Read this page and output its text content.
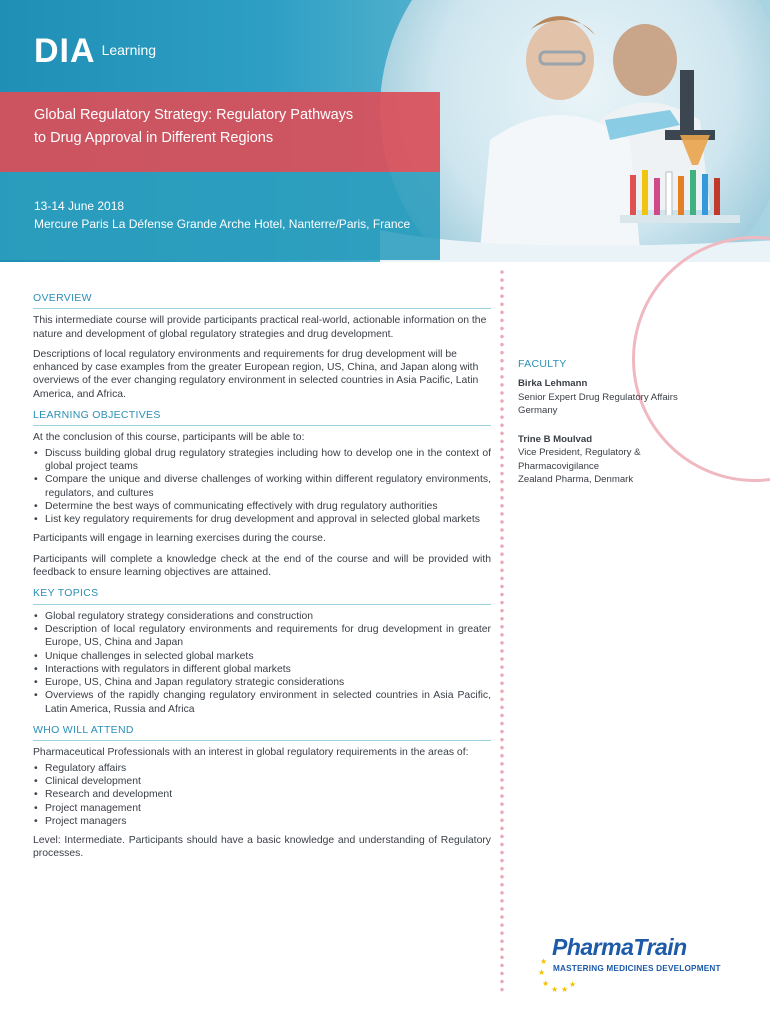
DIA Learning
Global Regulatory Strategy: Regulatory Pathways
to Drug Approval in Different Regions
13-14 June 2018
Mercure Paris La Défense Grande Arche Hotel, Nanterre/Paris, France
OVERVIEW

This intermediate course will provide participants practical real-world, actionable information on the nature and development of global regulatory strategies and drug development.

Descriptions of local regulatory environments and requirements for drug development will be enhanced by case examples from the greater European region, US, China, and Japan along with overviews of the ever changing regulatory environment in selected countries in Asia Pacific, Latin America, and Africa.

LEARNING OBJECTIVES

At the conclusion of this course, participants will be able to:

• Discuss building global drug regulatory strategies including how to develop one in the context of global project teams
• Compare the unique and diverse challenges of working within different regulatory environments, regulators, and cultures
• Determine the best ways of communicating effectively with drug regulatory authorities
• List key regulatory requirements for drug development and approval in selected global markets

Participants will engage in learning exercises during the course.

Participants will complete a knowledge check at the end of the course and will be provided with feedback to ensure learning objectives are attained.

KEY TOPICS
• Global regulatory strategy considerations and construction
• Description of local regulatory environments and requirements for drug development in greater Europe, US, China and Japan
• Unique challenges in selected global markets
• Interactions with regulators in different global markets
• Europe, US, China and Japan regulatory strategic considerations
• Overviews of the rapidly changing regulatory environment in selected countries in Asia Pacific, Latin America, Russia and Africa
WHO WILL ATTEND

Pharmaceutical Professionals with an interest in global regulatory requirements in the areas of:

• Regulatory affairs
• Clinical development
• Research and development
• Project management
• Project managers

Level: Intermediate. Participants should have a basic knowledge and understanding of Regulatory processes.

FACULTY
Birka Lehmann
Senior Expert Drug Regulatory Affairs
Germany
Trine B Moulvad
Vice President, Regulatory &
Pharmacovigilance
Zealand Pharma, Denmark
★
★
★
★ ★
★
PharmaTrain
MASTERING MEDICINES DEVELOPMENT
